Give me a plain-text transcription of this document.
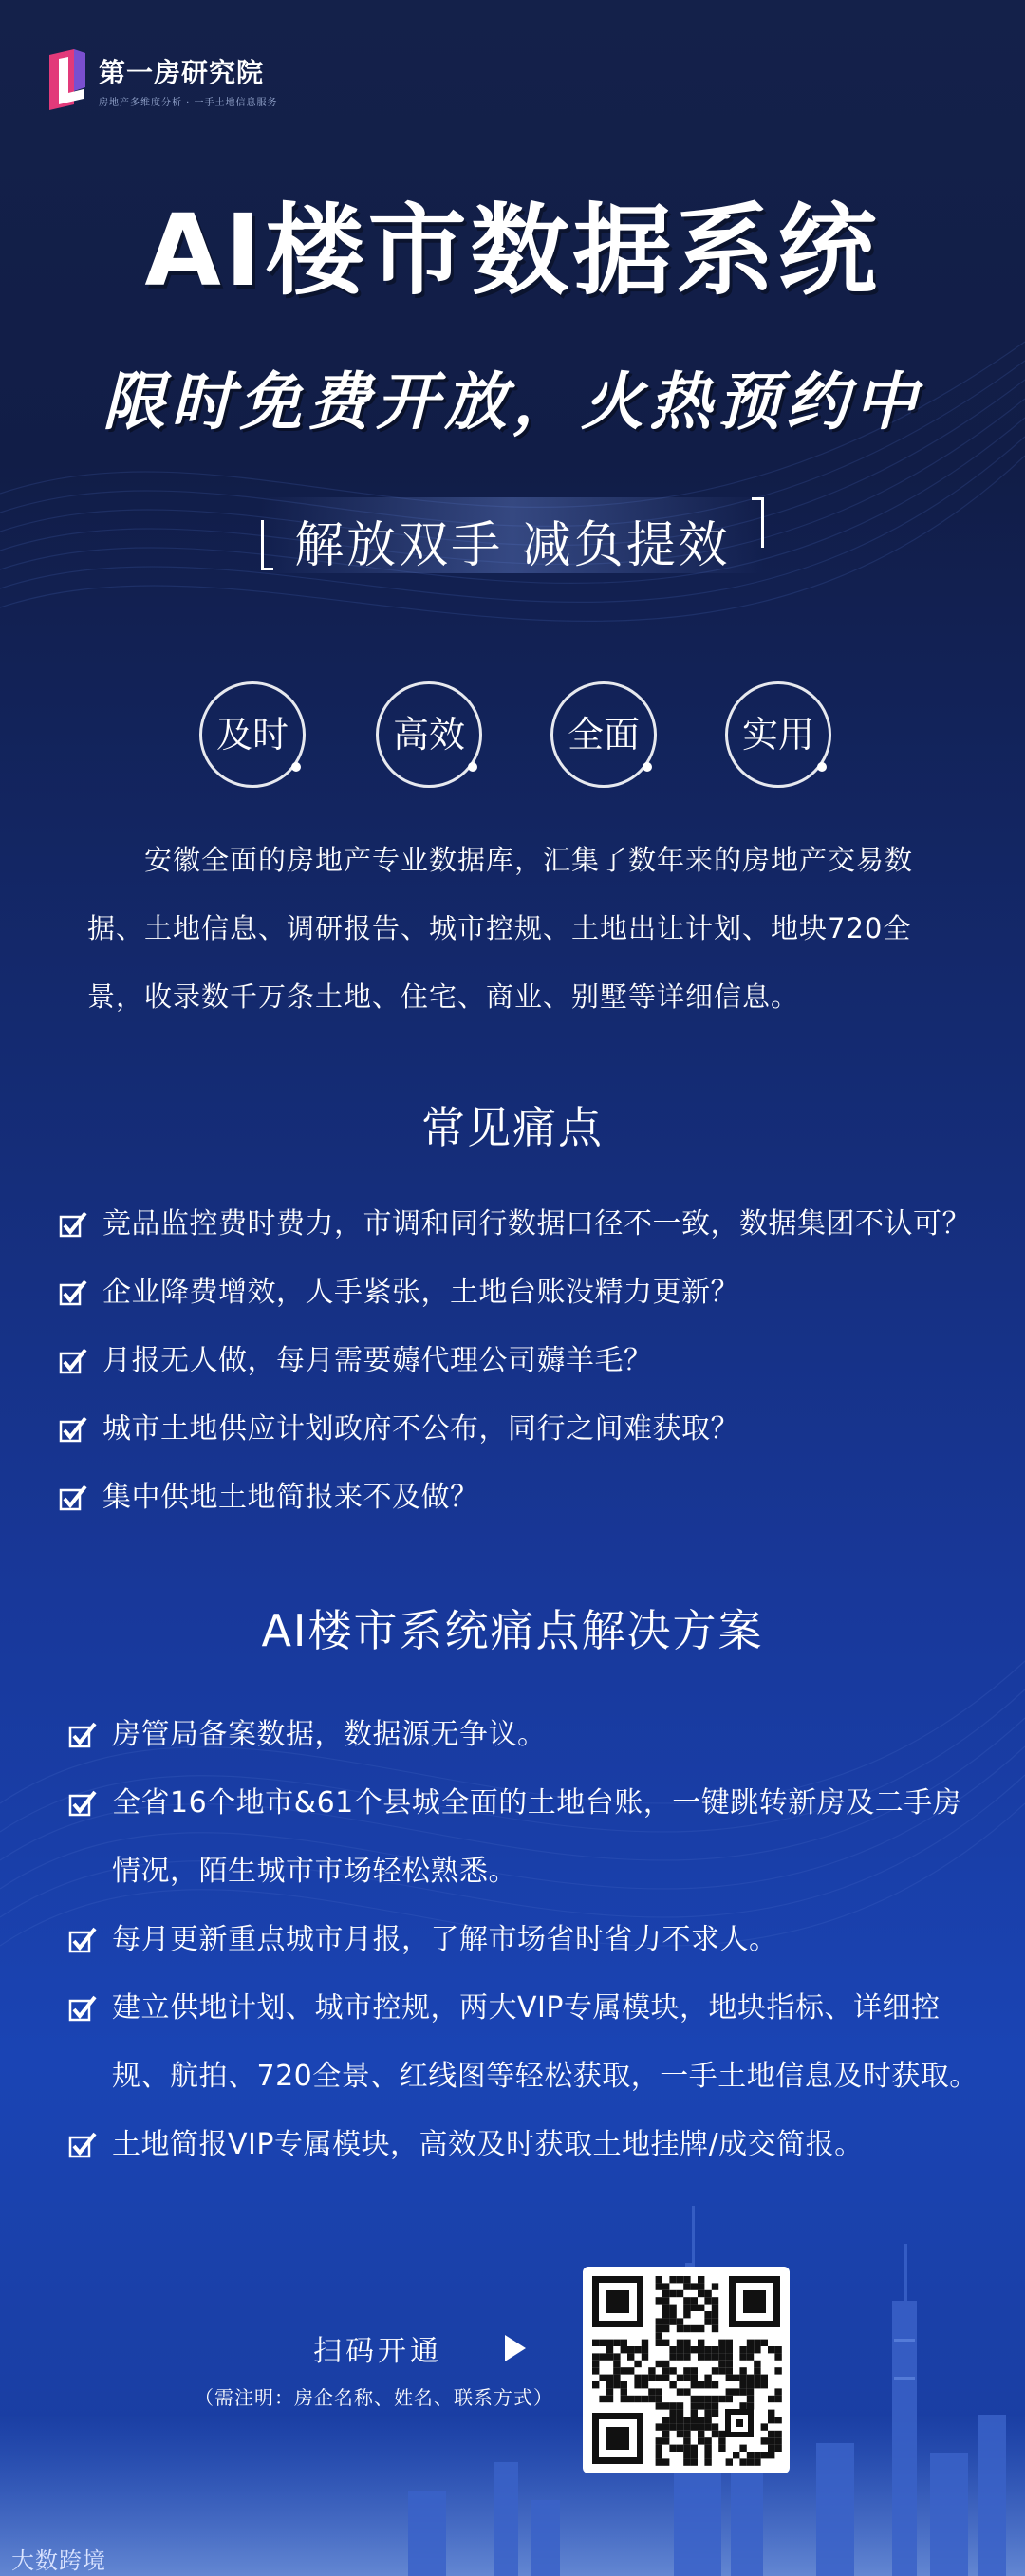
第一房研究院
房地产多维度分析 · 一手土地信息服务
AI楼市数据系统
限时免费开放，火热预约中
解放双手 减负提效
及时	高效	全面	实用
安徽全面的房地产专业数据库，汇集了数年来的房地产交易数据、土地信息、调研报告、城市控规、土地出让计划、地块720全景，收录数千万条土地、住宅、商业、别墅等详细信息。
常见痛点
竞品监控费时费力，市调和同行数据口径不一致，数据集团不认可？
企业降费增效，人手紧张，土地台账没精力更新？
月报无人做，每月需要薅代理公司薅羊毛？
城市土地供应计划政府不公布，同行之间难获取？
集中供地土地简报来不及做？
AI楼市系统痛点解决方案
房管局备案数据，数据源无争议。
全省16个地市&61个县城全面的土地台账，一键跳转新房及二手房情况，陌生城市市场轻松熟悉。
每月更新重点城市月报，了解市场省时省力不求人。
建立供地计划、城市控规，两大VIP专属模块，地块指标、详细控规、航拍、720全景、红线图等轻松获取，一手土地信息及时获取。
土地简报VIP专属模块，高效及时获取土地挂牌/成交简报。
扫码开通
（需注明：房企名称、姓名、联系方式）
大数跨境
